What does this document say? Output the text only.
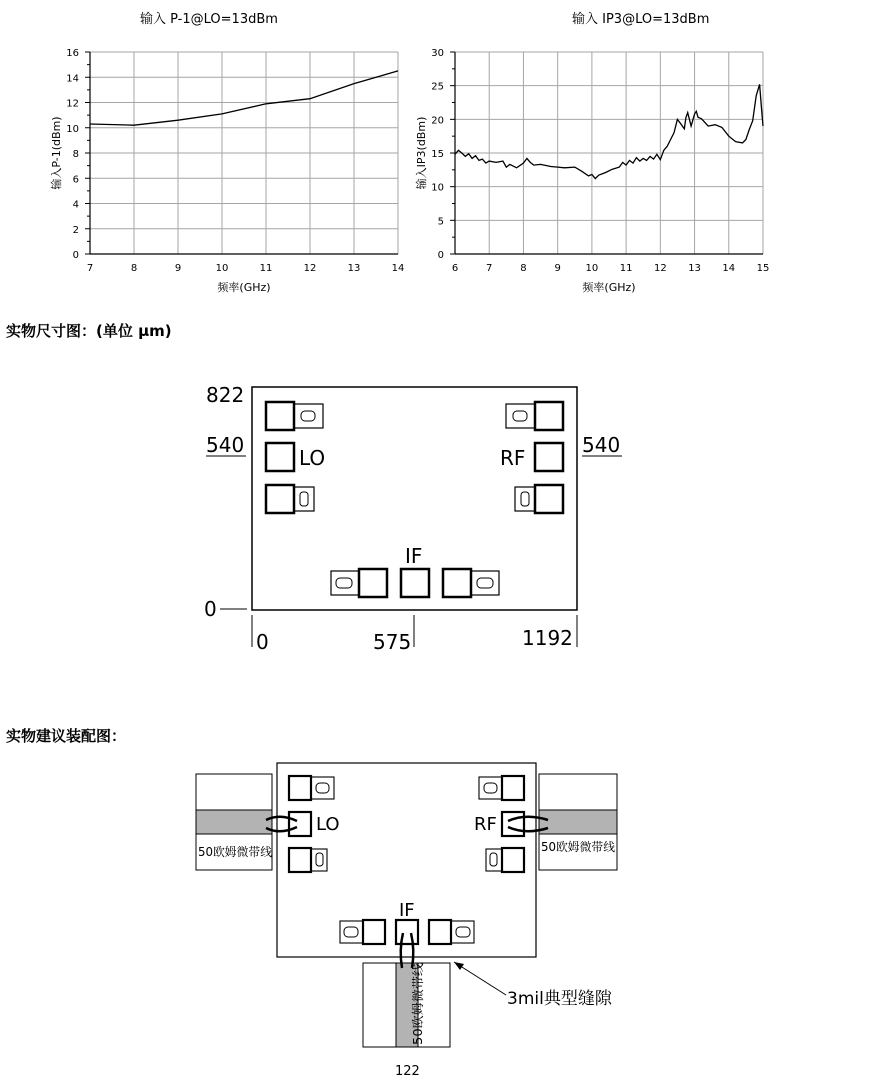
输入 P-1@LO=13dBm	输入 IP3@LO=13dBm
7	8	9	10	11	12	13	14
0
2
4
6
8
10
12
14
16
频率(GHz)
输入P-1(dBm)
6	7	8	9 10 11 12 13 14 15
0
5
10
15
20
25
30
频率(GHz)
输入IP3(dBm)
实物尺寸图：(单位 μm)
LO	RF
IF
822
540	540
0
0	575	1192
实物建议装配图：
50欧姆微带线	50欧姆微带线
50欧姆微带线
LO	RF
IF
3mil典型缝隙
122
